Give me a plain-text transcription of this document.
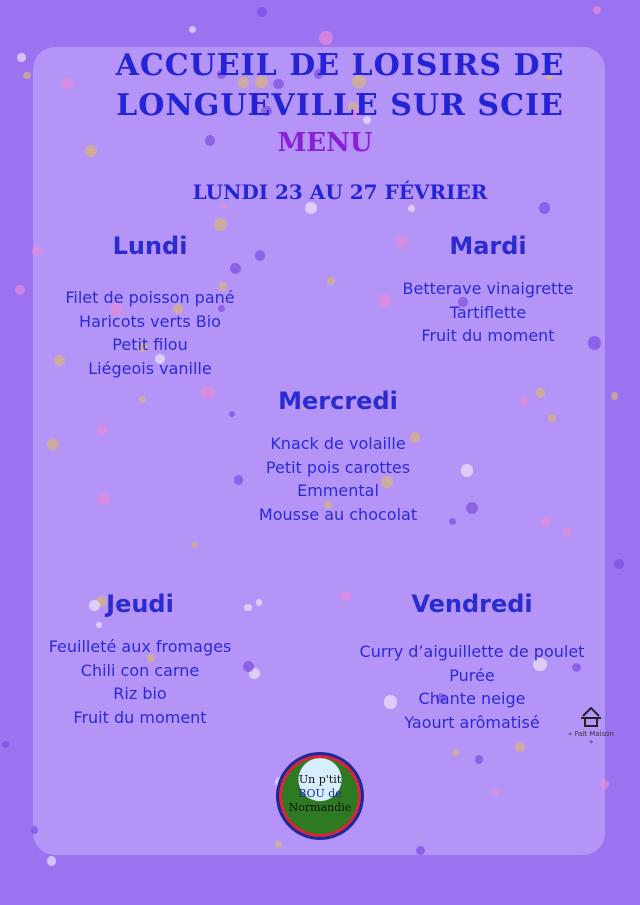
ACCUEIL DE LOISIRS DE
LONGUEVILLE SUR SCIE
MENU
LUNDI 23 AU 27 FÉVRIER
Lundi
Filet de poisson pané
Haricots verts Bio
Petit filou
Liégeois vanille
Mardi
Betterave vinaigrette
Tartiflette
Fruit du moment
Mercredi
Knack de volaille
Petit pois carottes
Emmental
Mousse au chocolat
Jeudi
Feuilleté aux fromages
Chili con carne
Riz bio
Fruit du moment
Vendredi
Curry d’aiguillette de poulet
Purée
Chante neige
Yaourt arômatisé
« Fait Maison »
Un p'tit
BOU de
Normandie
